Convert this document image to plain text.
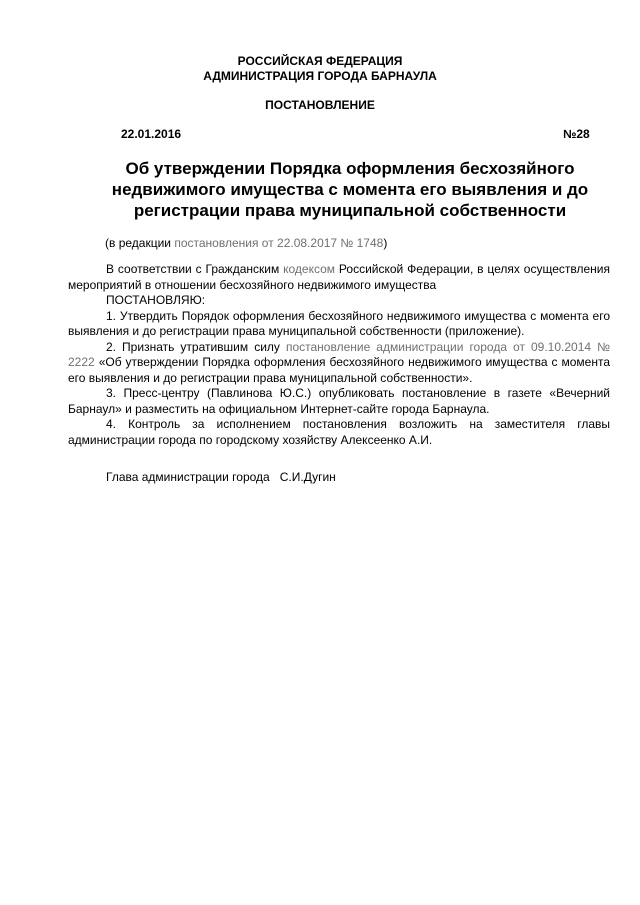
РОССИЙСКАЯ ФЕДЕРАЦИЯ
АДМИНИСТРАЦИЯ ГОРОДА БАРНАУЛА
ПОСТАНОВЛЕНИЕ
22.01.2016	№28
Об утверждении Порядка оформления бесхозяйного
недвижимого имущества с момента его выявления и до
регистрации права муниципальной собственности
(в редакции постановления от 22.08.2017 № 1748)

В соответствии с Гражданским кодексом Российской Федерации, в целях осуществления мероприятий в отношении бесхозяйного недвижимого имущества

ПОСТАНОВЛЯЮ:

1. Утвердить Порядок оформления бесхозяйного недвижимого имущества с момента его выявления и до регистрации права муниципальной собственности (приложение).

2. Признать утратившим силу постановление администрации города от 09.10.2014 № 2222 «Об утверждении Порядка оформления бесхозяйного недвижимого имущества с момента его выявления и до регистрации права муниципальной собственности».

3. Пресс-центру (Павлинова Ю.С.) опубликовать постановление в газете «Вечерний Барнаул» и разместить на официальном Интернет-сайте города Барнаула.

4. Контроль за исполнением постановления возложить на заместителя главы администрации города по городскому хозяйству Алексеенко А.И.

Глава администрации города С.И.Дугин
